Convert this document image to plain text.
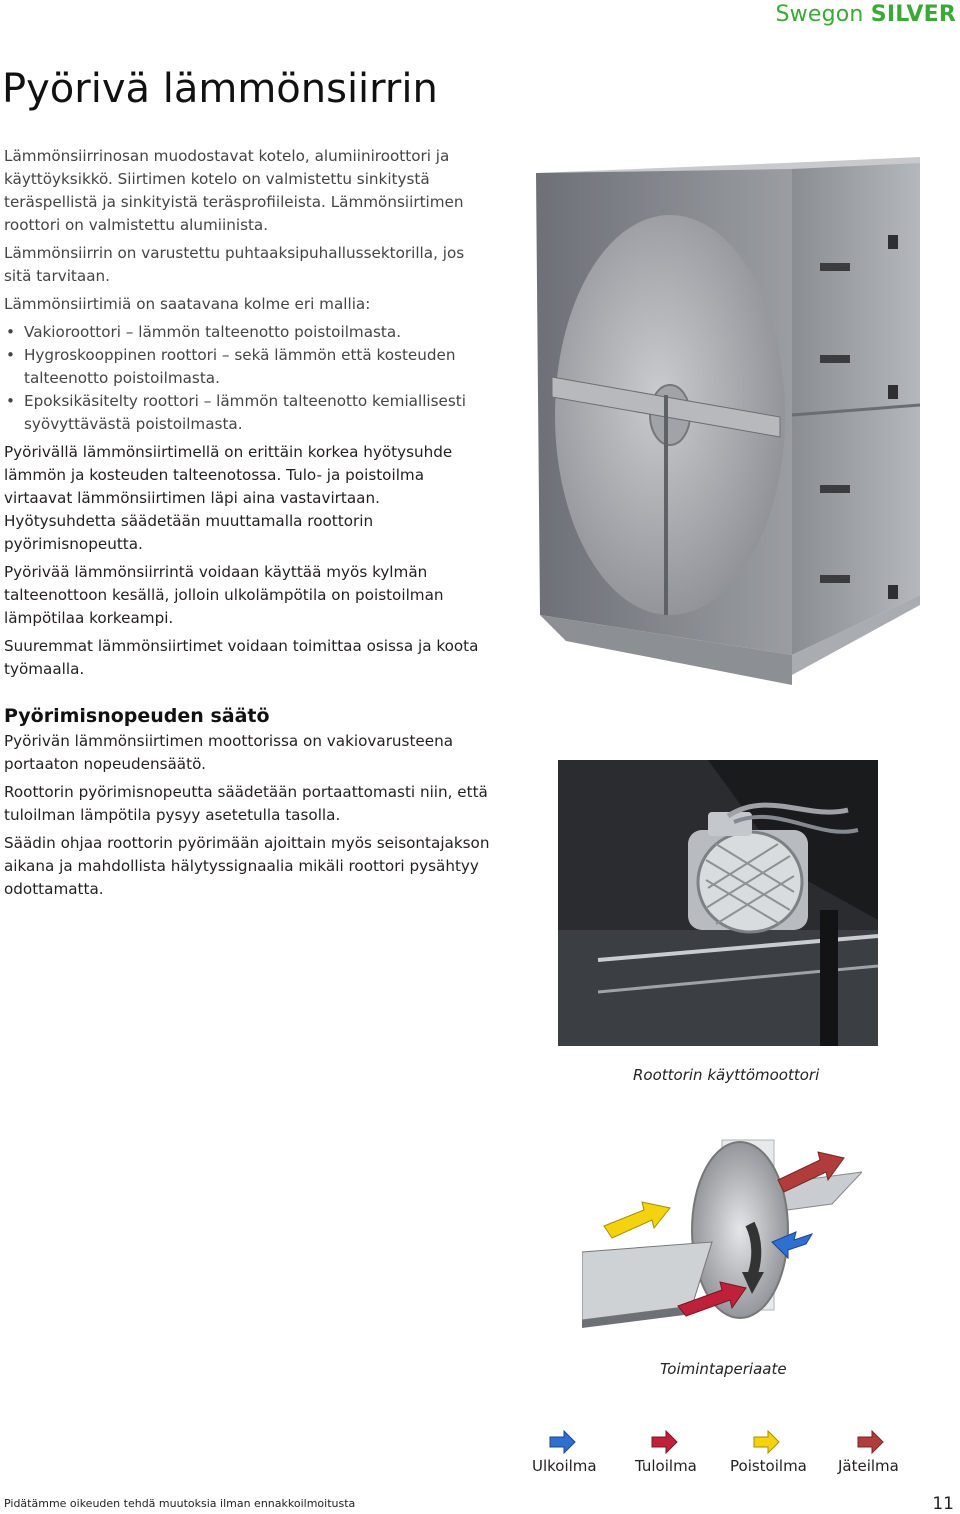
Swegon SILVER
Pyörivä lämmönsiirrin

Lämmönsiirrinosan muodostavat kotelo, alumiiniroottori ja käyttöyksikkö. Siirtimen kotelo on valmistettu sinkitystä teräspellistä ja sinkityistä teräsprofiileista. Lämmönsiirtimen roottori on valmistettu alumiinista.

Lämmönsiirrin on varustettu puhtaaksipuhallussektorilla, jos sitä tarvitaan.

Lämmönsiirtimiä on saatavana kolme eri mallia:

• Vakioroottori – lämmön talteenotto poistoilmasta.
• Hygroskooppinen roottori – sekä lämmön että kosteuden talteenotto poistoilmasta.
• Epoksikäsitelty roottori – lämmön talteenotto kemiallisesti syövyttävästä poistoilmasta.

Pyörivällä lämmönsiirtimellä on erittäin korkea hyötysuhde lämmön ja kosteuden talteenotossa. Tulo- ja poistoilma virtaavat lämmönsiirtimen läpi aina vastavirtaan. Hyötysuhdetta säädetään muuttamalla roottorin pyörimisnopeutta.

Pyörivää lämmönsiirrintä voidaan käyttää myös kylmän talteenottoon kesällä, jolloin ulkolämpötila on poistoilman lämpötilaa korkeampi.

Suuremmat lämmönsiirtimet voidaan toimittaa osissa ja koota työmaalla.

Pyörimisnopeuden säätö

Pyörivän lämmönsiirtimen moottorissa on vakiovarusteena portaaton nopeudensäätö.

Roottorin pyörimisnopeutta säädetään portaattomasti niin, että tuloilman lämpötila pysyy asetetulla tasolla.

Säädin ohjaa roottorin pyörimään ajoittain myös seisontajakson aikana ja mahdollista hälytyssignaalia mikäli roottori pysähtyy odottamatta.

Roottorin käyttömoottori
Toimintaperiaate
Ulkoilma	Tuloilma Poistoilma Jäteilma
Pidätämme oikeuden tehdä muutoksia ilman ennakkoilmoitusta	11
